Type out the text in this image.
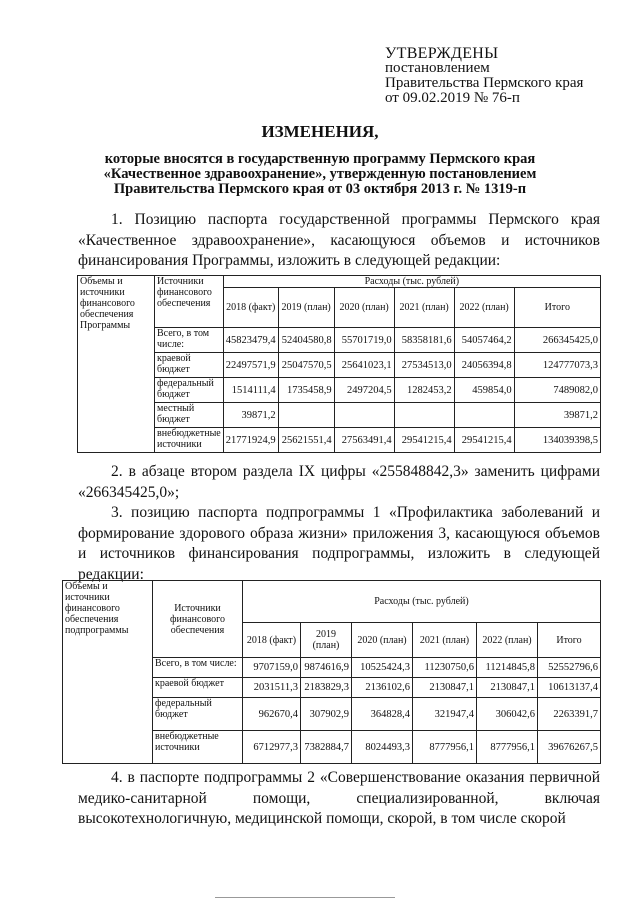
УТВЕРЖДЕНЫ
постановлением
Правительства Пермского края
от 09.02.2019 № 76-п
ИЗМЕНЕНИЯ,
которые вносятся в государственную программу Пермского края
«Качественное здравоохранение», утвержденную постановлением
Правительства Пермского края от 03 октября 2013 г. № 1319-п
1. Позицию паспорта государственной программы Пермского края «Качественное здравоохранение», касающуюся объемов и источников финансирования Программы, изложить в следующей редакции:
Объемы и источники финансового обеспечения Программы	Источники финансового обеспечения	Расходы (тыс. рублей)					
		2018 (факт)	2019 (план)	2020 (план)	2021 (план)	2022 (план)	Итого
	Всего, в том числе:	45823479,4	52404580,8	55701719,0	58358181,6	54057464,2	266345425,0
	краевой бюджет	22497571,9	25047570,5	25641023,1	27534513,0	24056394,8	124777073,3
	федеральный бюджет	1514111,4	1735458,9	2497204,5	1282453,2	459854,0	7489082,0
	местный бюджет	39871,2					39871,2
	внебюджетные источники	21771924,9	25621551,4	27563491,4	29541215,4	29541215,4	134039398,5
2. в абзаце втором раздела IX цифры «255848842,3» заменить цифрами «266345425,0»;
3. позицию паспорта подпрограммы 1 «Профилактика заболеваний и формирование здорового образа жизни» приложения 3, касающуюся объемов и источников финансирования подпрограммы, изложить в следующей редакции:
Объемы и источники финансового обеспечения подпрограммы	Источники финансового обеспечения	Расходы (тыс. рублей)					
		2018 (факт)	2019 (план)	2020 (план)	2021 (план)	2022 (план)	Итого
	Всего, в том числе:	9707159,0	9874616,9	10525424,3	11230750,6	11214845,8	52552796,6
	краевой бюджет	2031511,3	2183829,3	2136102,6	2130847,1	2130847,1	10613137,4
	федеральный бюджет	962670,4	307902,9	364828,4	321947,4	306042,6	2263391,7
	внебюджетные источники	6712977,3	7382884,7	8024493,3	8777956,1	8777956,1	39676267,5
4. в паспорте подпрограммы 2 «Совершенствование оказания первичной медико-санитарной помощи, специализированной, включая высокотехнологичную, медицинской помощи, скорой, в том числе скорой
